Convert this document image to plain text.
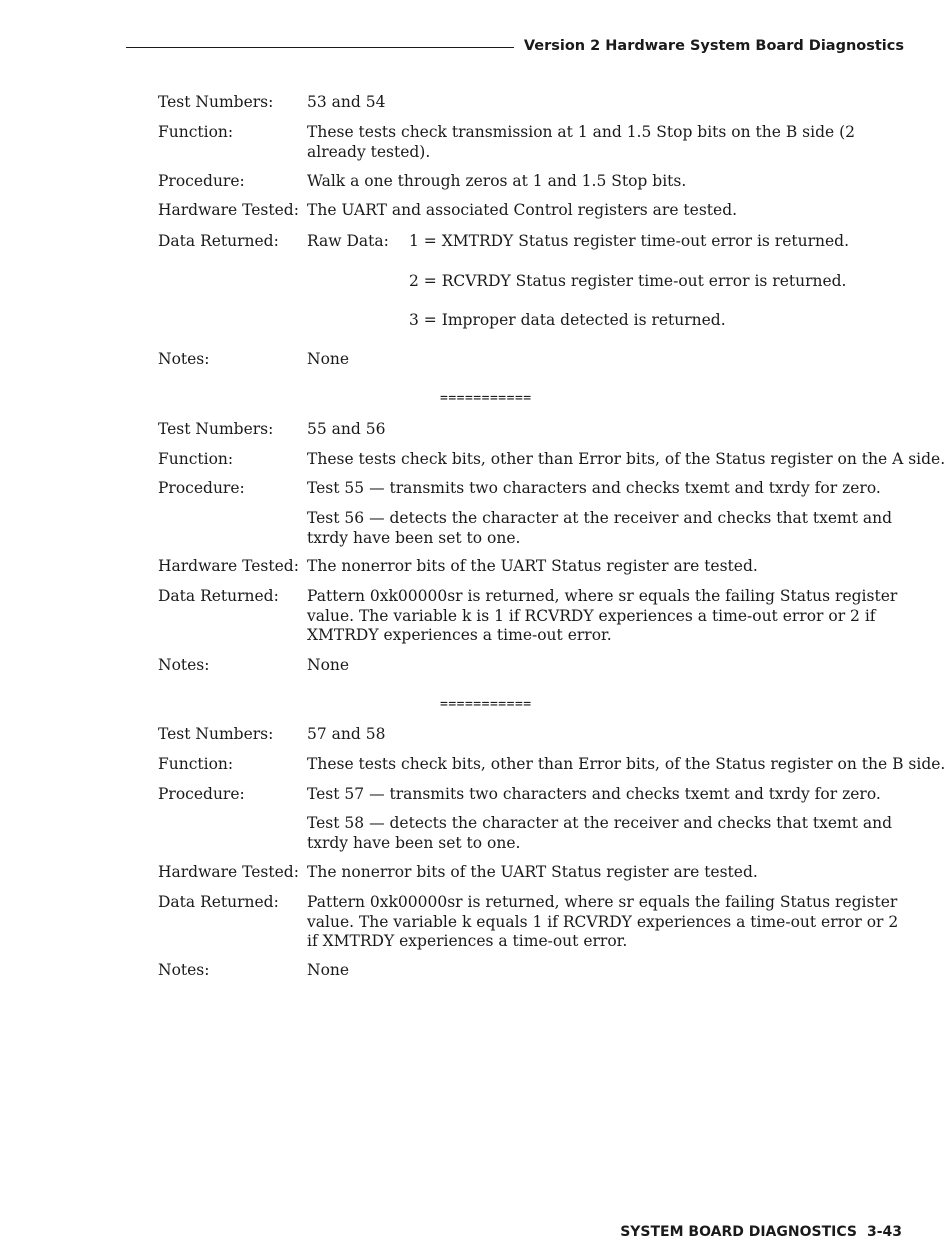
Version 2 Hardware System Board Diagnostics
Test Numbers: 53 and 54
Function:	These tests check transmission at 1 and 1.5 Stop bits on the B side (2 already tested).
Procedure:	Walk a one through zeros at 1 and 1.5 Stop bits.
Hardware Tested: The UART and associated Control registers are tested.
Data Returned: Raw Data: 1 = XMTRDY Status register time-out error is returned.
2 = RCVRDY Status register time-out error is returned.
3 = Improper data detected is returned.
Notes:	None
===========
Test Numbers: 55 and 56
Function:	These tests check bits, other than Error bits, of the Status register on the A side.
Procedure:	Test 55 — transmits two characters and checks txemt and txrdy for zero.
Test 56 — detects the character at the receiver and checks that txemt and txrdy have been set to one.
Hardware Tested: The nonerror bits of the UART Status register are tested.
Data Returned: Pattern 0xk00000sr is returned, where sr equals the failing Status register value. The variable k is 1 if RCVRDY experiences a time-out error or 2 if XMTRDY experiences a time-out error.
Notes:	None
===========
Test Numbers: 57 and 58
Function:	These tests check bits, other than Error bits, of the Status register on the B side.
Procedure:	Test 57 — transmits two characters and checks txemt and txrdy for zero.
Test 58 — detects the character at the receiver and checks that txemt and txrdy have been set to one.
Hardware Tested: The nonerror bits of the UART Status register are tested.
Data Returned: Pattern 0xk00000sr is returned, where sr equals the failing Status register value. The variable k equals 1 if RCVRDY experiences a time-out error or 2 if XMTRDY experiences a time-out error.
Notes:	None
SYSTEM BOARD DIAGNOSTICS 3-43
